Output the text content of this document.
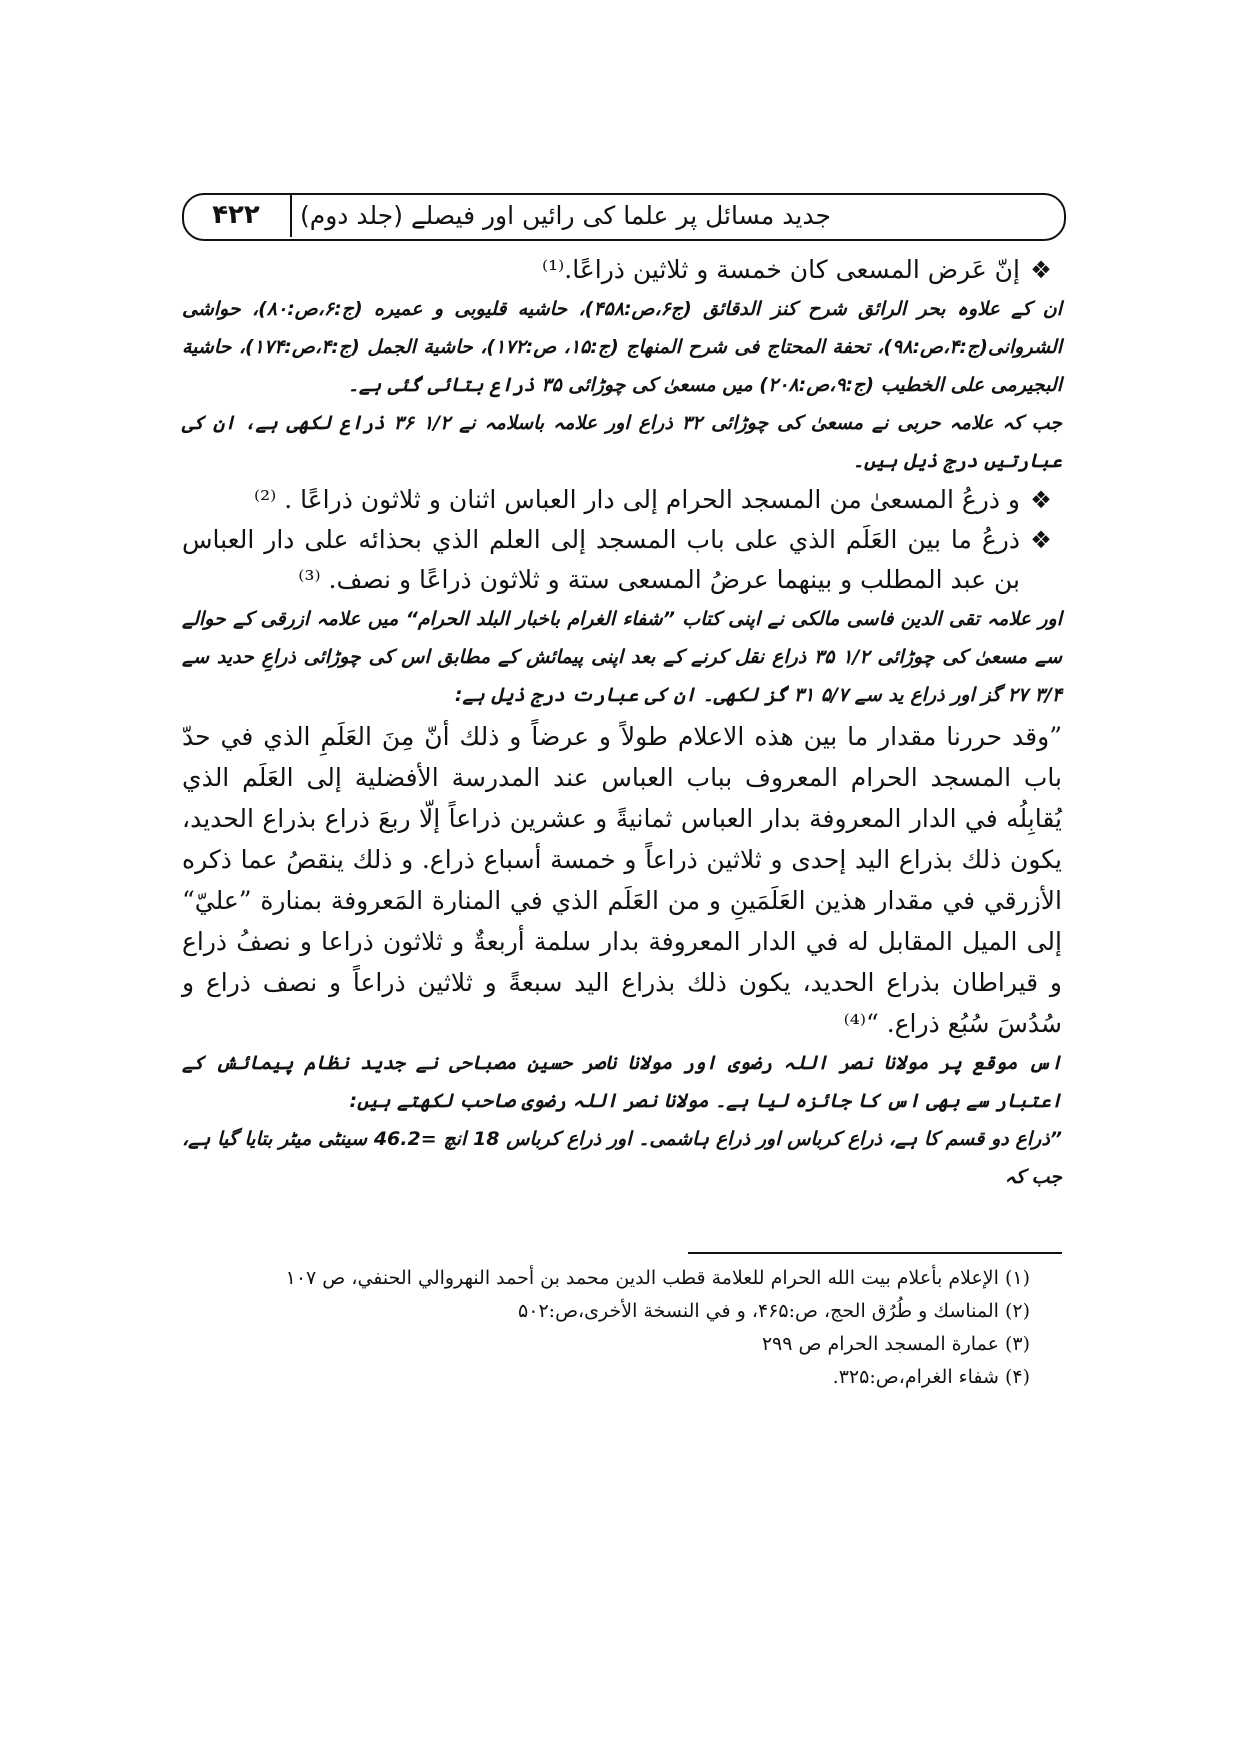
۴۲۲	جدید مسائل پر علما کی رائیں اور فیصلے (جلد دوم)
❖

إنّ عَرض المسعی کان خمسة و ثلاثین ذراعًا.⁽¹⁾

ان کے علاوہ بحر الرائق شرح کنز الدقائق (ج۶،ص:۴۵۸)، حاشیه قلیوبی و عمیره (ج:۶،ص:۸۰)، حواشی الشروانی(ج:۴،ص:۹۸)، تحفة المحتاج فی شرح المنهاج (ج:۱۵، ص:۱۷۲)، حاشیة الجمل (ج:۴،ص:۱۷۴)، حاشیة البجیرمی علی الخطیب (ج:۹،ص:۲۰۸) میں مسعیٰ کی چوڑائی ۳۵ ذراع بتائی گئی ہے۔

جب کہ علامہ حربی نے مسعیٰ کی چوڑائی ۳۲ ذراع اور علامہ باسلامہ نے ۱/۲ ۳۶ ذراع لکھی ہے، ان کی عبارتیں درج ذیل ہیں۔

❖

و ذرعُ المسعیٰ من المسجد الحرام إلی دار العباس اثنان و ثلاثون ذراعًا . ⁽²⁾

❖

ذرعُ ما بین العَلَم الذي علی باب المسجد إلی العلم الذي بحذائه علی دار العباس بن عبد المطلب و بینهما عرضُ المسعی ستة و ثلاثون ذراعًا و نصف. ⁽³⁾

اور علامہ تقی الدین فاسی مالکی نے اپنی کتاب ”شفاء الغرام باخبار البلد الحرام“ میں علامہ ازرقی کے حوالے سے مسعیٰ کی چوڑائی ۱/۲ ۳۵ ذراع نقل کرنے کے بعد اپنی پیمائش کے مطابق اس کی چوڑائی ذراعِ حدید سے ۳/۴ ۲۷ گز اور ذراع ید سے ۵/۷ ۳۱ گز لکھی۔ ان کی عبارت درج ذیل ہے:

”وقد حررنا مقدار ما بین هذه الاعلام طولاً و عرضاً و ذلك أنّ مِنَ العَلَمِ الذي في حدّ باب المسجد الحرام المعروف بباب العباس عند المدرسة الأفضلية إلی العَلَم الذي يُقابِلُه في الدار المعروفة بدار العباس ثمانيةً و عشرين ذراعاً إلّا ربعَ ذراع بذراع الحديد، يكون ذلك بذراع اليد إحدی و ثلاثين ذراعاً و خمسة أسباع ذراع. و ذلك ينقصُ عما ذكره الأزرقي في مقدار هذين العَلَمَينِ و من العَلَم الذي في المنارة المَعروفة بمنارة ”عليّ“ إلی الميل المقابل له في الدار المعروفة بدار سلمة أربعةٌ و ثلاثون ذراعا و نصفُ ذراع و قيراطان بذراع الحديد، يكون ذلك بذراع اليد سبعةً و ثلاثين ذراعاً و نصف ذراع و سُدُسَ سُبُع ذراع. “⁽⁴⁾

اس موقع پر مولانا نصر اللہ رضوی اور مولانا ناصر حسین مصباحی نے جدید نظام پیمائش کے اعتبار سے بھی اس کا جائزہ لیا ہے۔ مولانا نصر اللہ رضوی صاحب لکھتے ہیں:

”ذراع دو قسم کا ہے، ذراع کرباس اور ذراع ہاشمی۔ اور ذراع کرباس 18 انچ =46.2 سینٹی میٹر بتایا گیا ہے، جب کہ

(۱) الإعلام بأعلام بيت الله الحرام للعلامة قطب الدين محمد بن أحمد النهروالي الحنفي، ص ۱۰۷

(۲) المناسك و طُرُق الحج، ص:۴۶۵، و في النسخة الأخری،ص:۵۰۲

(۳) عمارة المسجد الحرام ص ۲۹۹

(۴) شفاء الغرام،ص:۳۲۵.
